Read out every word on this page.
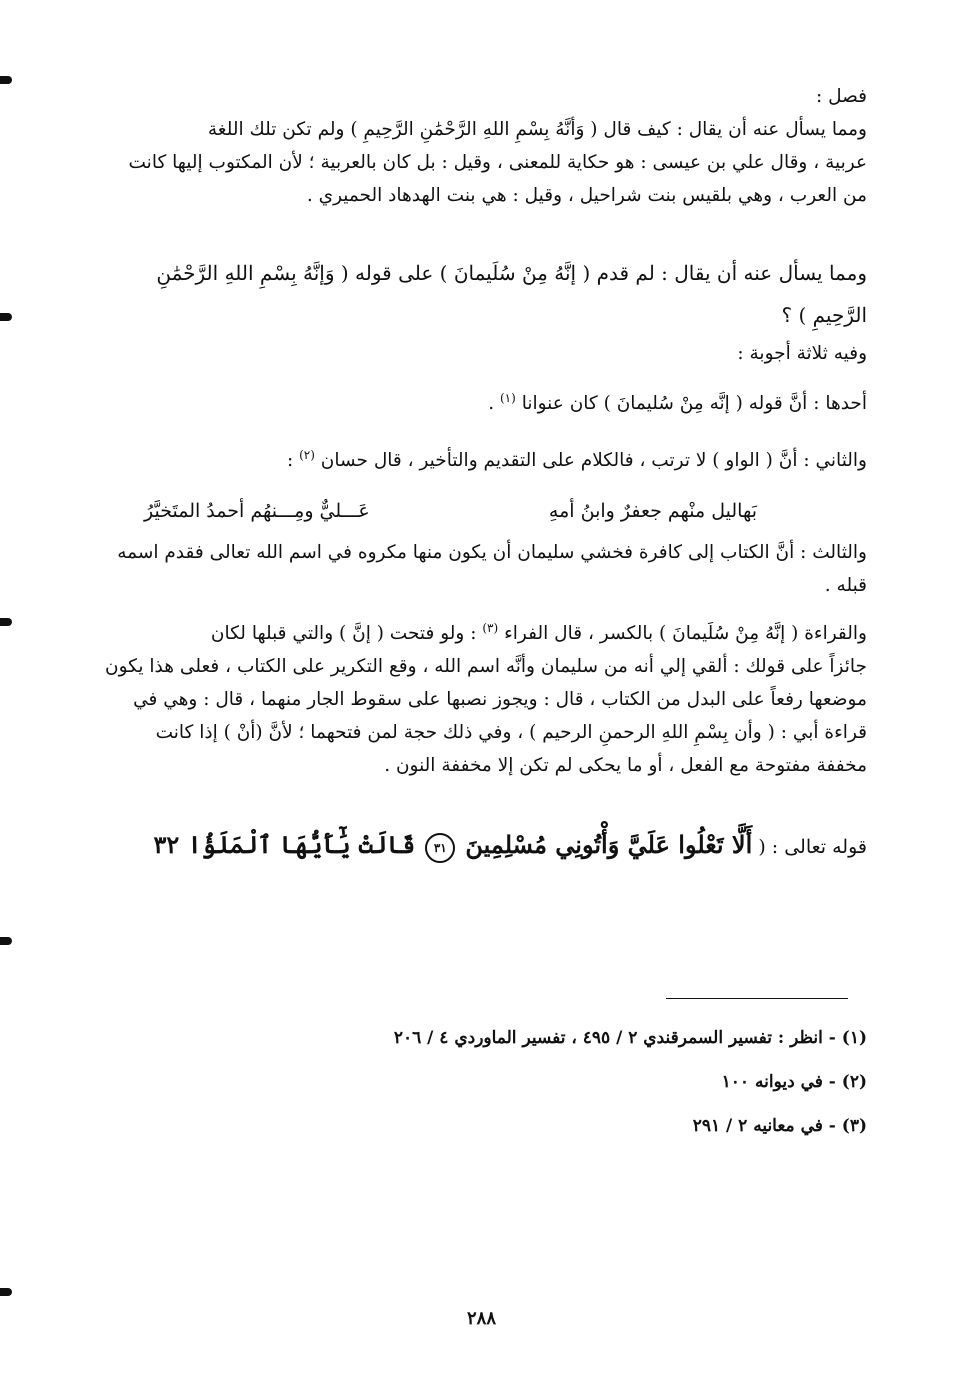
فصل :
ومما يسأل عنه أن يقال : كيف قال ( وَأنَّهُ بِسْمِ اللهِ الرَّحْمَٰنِ الرَّحِيمِ ) ولم تكن تلك اللغة
عربية ، وقال علي بن عيسى : هو حكاية للمعنى ، وقيل : بل كان بالعربية ؛ لأن المكتوب إليها كانت
من العرب ، وهي بلقيس بنت شراحيل ، وقيل : هي بنت الهدهاد الحميري .
ومما يسأل عنه أن يقال : لم قدم ( إنَّهُ مِنْ سُلَيمانَ ) على قوله ( وَإنَّهُ بِسْمِ اللهِ الرَّحْمَٰنِ
الرَّحِيمِ ) ؟
وفيه ثلاثة أجوبة :
أحدها : أنَّ قوله ( إنَّه مِنْ سُليمانَ ) كان عنوانا $^{(١)}$ .
والثاني : أنَّ ( الواو ) لا ترتب ، فالكلام على التقديم والتأخير ، قال حسان $^{(٢)}$ :
بَهاليل منْهم جعفرٌ وابنُ أمهِ
عَـــليٌّ ومِـــنهُم أحمدُ المتَخيَّرُ
والثالث : أنَّ الكتاب إلى كافرة فخشي سليمان أن يكون منها مكروه في اسم الله تعالى فقدم اسمه
قبله .
والقراءة ( إنَّهُ مِنْ سُلَيمانَ ) بالكسر ، قال الفراء $^{(٣)}$ : ولو فتحت ( إنَّ ) والتي قبلها لكان
جائزاً على قولك : ألقي إلي أنه من سليمان وأنَّه اسم الله ، وقع التكرير على الكتاب ، فعلى هذا يكون
موضعها رفعاً على البدل من الكتاب ، قال : ويجوز نصبها على سقوط الجار منهما ، قال : وهي في
قراءة أبي : ( وأن بِسْمِ اللهِ الرحمنِ الرحيم ) ، وفي ذلك حجة لمن فتحهما ؛ لأنَّ (أنْ ) إذا كانت
مخففة مفتوحة مع الفعل ، أو ما يحكى لم تكن إلا مخففة النون .
قوله تعالى : ( أَلَّا تَعْلُوا عَلَيَّ وَأْتُونِي مُسْلِمِينَ ٣١ قَالَتْ يَٰٓأَيُّهَا ٱلْمَلَؤُا ٣٢
(١) - انظر : تفسير السمرقندي ٢ / ٤٩٥ ، تفسير الماوردي ٤ / ٢٠٦
(٢) - في ديوانه ١٠٠
(٣) - في معانيه ٢ / ٢٩١
٢٨٨
